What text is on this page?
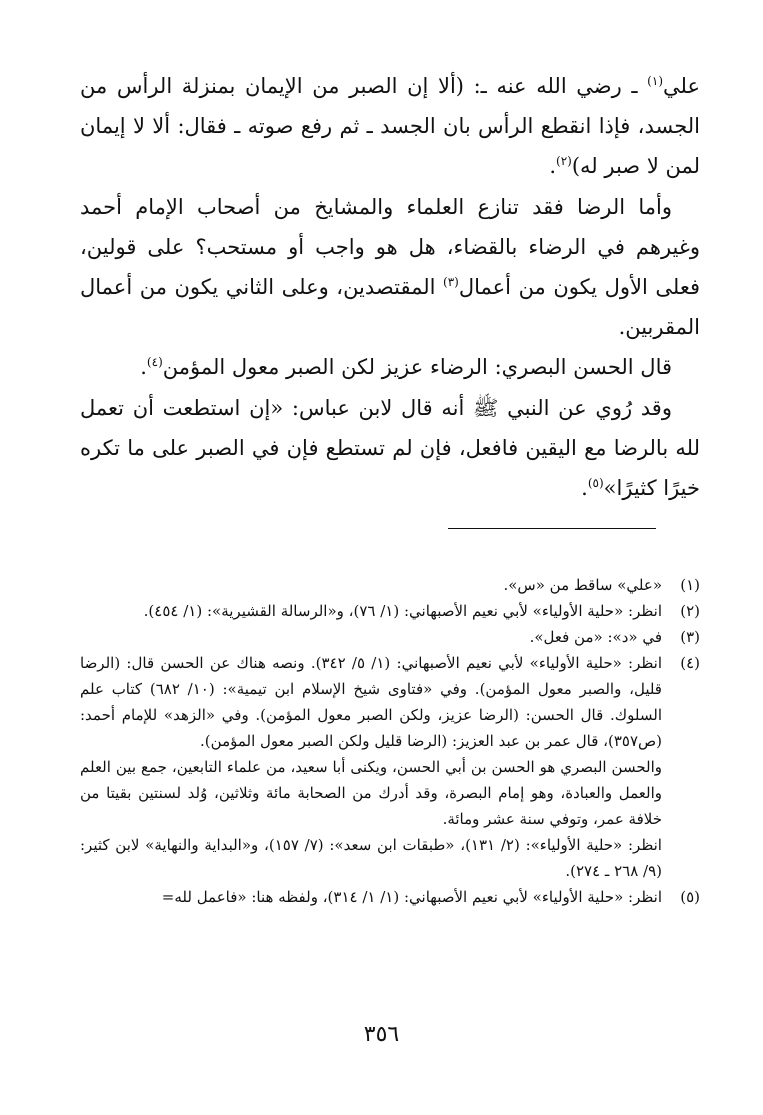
علي$^{(١)}$ ـ رضي الله عنه ـ: (ألا إن الصبر من الإيمان بمنزلة الرأس من الجسد، فإذا انقطع الرأس بان الجسد ـ ثم رفع صوته ـ فقال: ألا لا إيمان لمن لا صبر له)$^{(٢)}$.

وأما الرضا فقد تنازع العلماء والمشايخ من أصحاب الإمام أحمد وغيرهم في الرضاء بالقضاء، هل هو واجب أو مستحب؟ على قولين، فعلى الأول يكون من أعمال$^{(٣)}$ المقتصدين، وعلى الثاني يكون من أعمال المقربين.

قال الحسن البصري: الرضاء عزيز لكن الصبر معول المؤمن$^{(٤)}$.

وقد رُوي عن النبي ﷺ أنه قال لابن عباس: «إن استطعت أن تعمل لله بالرضا مع اليقين فافعل، فإن لم تستطع فإن في الصبر على ما تكره خيرًا كثيرًا»$^{(٥)}$.

(١)
«علي» ساقط من «س».
(٢)
انظر: «حلية الأولياء» لأبي نعيم الأصبهاني: (١/ ٧٦)، و«الرسالة القشيرية»: (١/ ٤٥٤).
(٣)
في «د»: «من فعل».
(٤)
انظر: «حلية الأولياء» لأبي نعيم الأصبهاني: (١/ ٥/ ٣٤٢). ونصه هناك عن الحسن قال: (الرضا قليل، والصبر معول المؤمن). وفي «فتاوى شيخ الإسلام ابن تيمية»: (١٠/ ٦٨٢) كتاب علم السلوك. قال الحسن: (الرضا عزيز، ولكن الصبر معول المؤمن). وفي «الزهد» للإمام أحمد: (ص٣٥٧)، قال عمر بن عبد العزيز: (الرضا قليل ولكن الصبر معول المؤمن).
والحسن البصري هو الحسن بن أبي الحسن، ويكنى أبا سعيد، من علماء التابعين، جمع بين العلم والعمل والعبادة، وهو إمام البصرة، وقد أدرك من الصحابة مائة وثلاثين، وُلد لسنتين بقيتا من خلافة عمر، وتوفي سنة عشر ومائة.
انظر: «حلية الأولياء»: (٢/ ١٣١)، «طبقات ابن سعد»: (٧/ ١٥٧)، و«البداية والنهاية» لابن كثير: (٩/ ٢٦٨ ـ ٢٧٤).
(٥)
انظر: «حلية الأولياء» لأبي نعيم الأصبهاني: (١/ ١/ ٣١٤)، ولفظه هنا: «فاعمل لله=
٣٥٦
